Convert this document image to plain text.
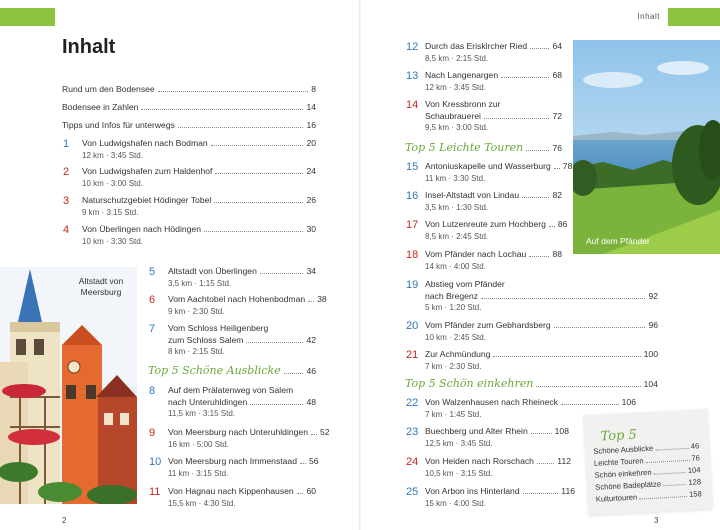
Inhalt
Inhalt
Rund um den Bodensee	8
Bodensee in Zahlen	14
Tipps und Infos für unterwegs	16
1 Von Ludwigshafen nach Bodman	20
12 km · 3:45 Std.
2 Von Ludwigshafen zum Haldenhof	24
10 km · 3:00 Std.
3 Naturschutzgebiet Hödinger Tobel	26
9 km · 3:15 Std.
4 Von Überlingen nach Hödingen	30
10 km · 3:30 Std.
Altstadt von
Meersburg
5 Altstadt von Überlingen	34
3,5 km · 1:15 Std.
6 Vom Aachtobel nach Hohenbodman 38
9 km · 2:30 Std.
7 Vom Schloss Heiligenberg
zum Schloss Salem	42
8 km · 2:15 Std.
Top 5 Schöne Ausblicke	46
8 Auf dem Prälatenweg von Salem
nach Unteruhldingen	48
11,5 km · 3:15 Std.
9 Von Meersburg nach Unteruhldingen 52
16 km · 5:00 Std.
10 Von Meersburg nach Immenstaad 56
11 km · 3:15 Std.
11 Von Hagnau nach Kippenhausen 60
15,5 km · 4:30 Std.
12 Durch das Eriskircher Ried	64
8,5 km · 2:15 Std.
13 Nach Langenargen	68
12 km · 3:45 Std.
14 Von Kressbronn zur
Schaubrauerei	72
9,5 km · 3:00 Std.
Top 5 Leichte Touren	76
15 Antoniuskapelle und Wasserburg 78
11 km · 3:30 Std.
16 Insel-Altstadt von Lindau	82
3,5 km · 1:30 Std.
17 Von Lutzenreute zum Hochberg 86
8,5 km · 2:45 Std.
18 Vom Pfänder nach Lochau	88
14 km · 4:00 Std.
19 Abstieg vom Pfänder
nach Bregenz	92
5 km · 1:20 Std.
20 Vom Pfänder zum Gebhardsberg	96
10 km · 2:45 Std.
21 Zur Achmündung	100
7 km · 2:30 Std.
Top 5 Schön einkehren	104
22 Von Walzenhausen nach Rheineck	106
7 km · 1:45 Std.
23 Buechberg und Alter Rhein	108
12,5 km · 3:45 Std.
24 Von Heiden nach Rorschach	112
10,5 km · 3:15 Std.
25 Von Arbon ins Hinterland	116
15 km · 4:00 Std.
Auf dem Pfänder
Top 5
Schöne Ausblicke	46
Leichte Touren	76
Schön einkehren	104
Schöne Badeplätze	128
Kulturtouren	158
2	3
